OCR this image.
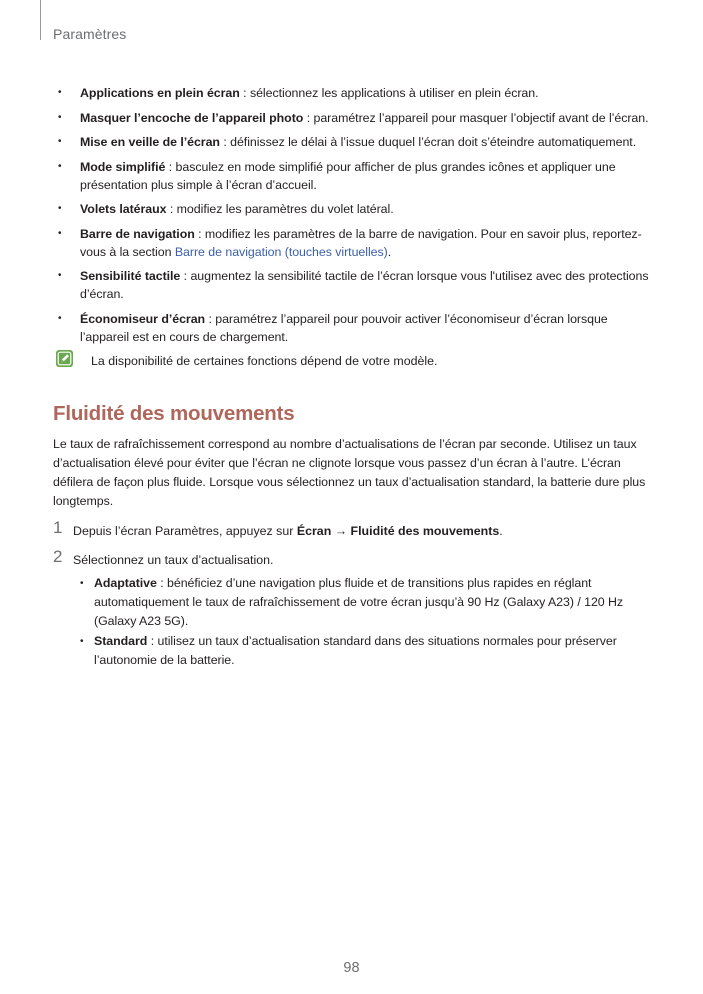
Paramètres
• Applications en plein écran : sélectionnez les applications à utiliser en plein écran.
• Masquer l’encoche de l’appareil photo : paramétrez l’appareil pour masquer l’objectif avant de l’écran.
• Mise en veille de l’écran : définissez le délai à l’issue duquel l’écran doit s’éteindre automatiquement.
• Mode simplifié : basculez en mode simplifié pour afficher de plus grandes icônes et appliquer une présentation plus simple à l’écran d’accueil.
• Volets latéraux : modifiez les paramètres du volet latéral.
• Barre de navigation : modifiez les paramètres de la barre de navigation. Pour en savoir plus, reportez-vous à la section Barre de navigation (touches virtuelles).
• Sensibilité tactile : augmentez la sensibilité tactile de l’écran lorsque vous l'utilisez avec des protections d’écran.
• Économiseur d’écran : paramétrez l’appareil pour pouvoir activer l’économiseur d’écran lorsque l’appareil est en cours de chargement.
La disponibilité de certaines fonctions dépend de votre modèle.
Fluidité des mouvements

Le taux de rafraîchissement correspond au nombre d’actualisations de l’écran par seconde. Utilisez un taux d’actualisation élevé pour éviter que l’écran ne clignote lorsque vous passez d’un écran à l’autre. L’écran défilera de façon plus fluide. Lorsque vous sélectionnez un taux d’actualisation standard, la batterie dure plus longtemps.

1 Depuis l’écran Paramètres, appuyez sur Écran → Fluidité des mouvements.
2 Sélectionnez un taux d’actualisation.
• Adaptative : bénéficiez d’une navigation plus fluide et de transitions plus rapides en réglant automatiquement le taux de rafraîchissement de votre écran jusqu’à 90 Hz (Galaxy A23) / 120 Hz (Galaxy A23 5G).
• Standard : utilisez un taux d’actualisation standard dans des situations normales pour préserver l’autonomie de la batterie.
98
